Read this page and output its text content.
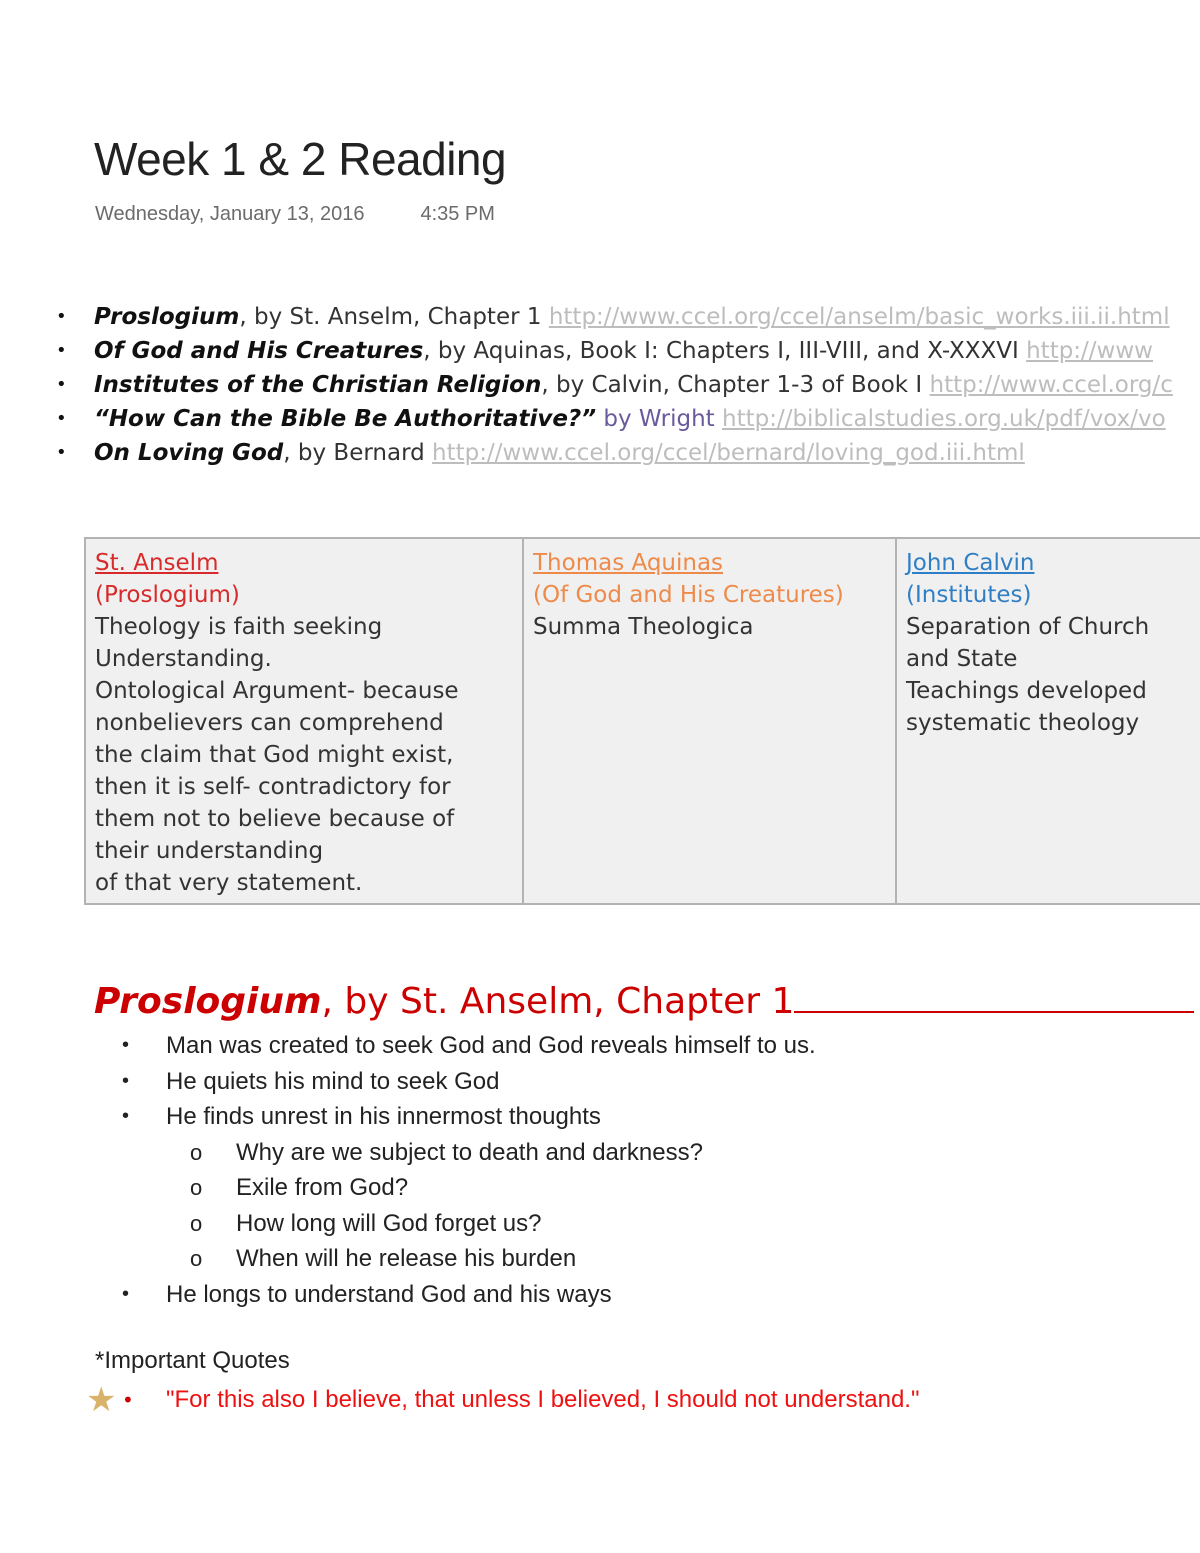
Week 1 & 2 Reading
Wednesday, January 13, 2016	4:35 PM
• Proslogium, by St. Anselm, Chapter 1 http://www.ccel.org/ccel/anselm/basic_works.iii.ii.html
• Of God and His Creatures, by Aquinas, Book I: Chapters I, III-VIII, and X-XXXVI http://www
• Institutes of the Christian Religion, by Calvin, Chapter 1-3 of Book I http://www.ccel.org/c
• “How Can the Bible Be Authoritative?” by Wright http://biblicalstudies.org.uk/pdf/vox/vo
• On Loving God, by Bernard http://www.ccel.org/ccel/bernard/loving_god.iii.html
St. Anselm
(Proslogium)
Theology is faith seeking
Understanding.
Ontological Argument- because
nonbelievers can comprehend
the claim that God might exist,
then it is self- contradictory for
them not to believe because of
their understanding
of that very statement.

Thomas Aquinas
(Of God and His Creatures)
Summa Theologica

John Calvin
(Institutes)
Separation of Church
and State
Teachings developed
systematic theology
Proslogium, by St. Anselm, Chapter 1
• Man was created to seek God and God reveals himself to us.
• He quiets his mind to seek God
• He finds unrest in his innermost thoughts
o Why are we subject to death and darkness?
o Exile from God?
o How long will God forget us?
o When will he release his burden
• He longs to understand God and his ways
*Important Quotes
★ • "For this also I believe, that unless I believed, I should not understand."
